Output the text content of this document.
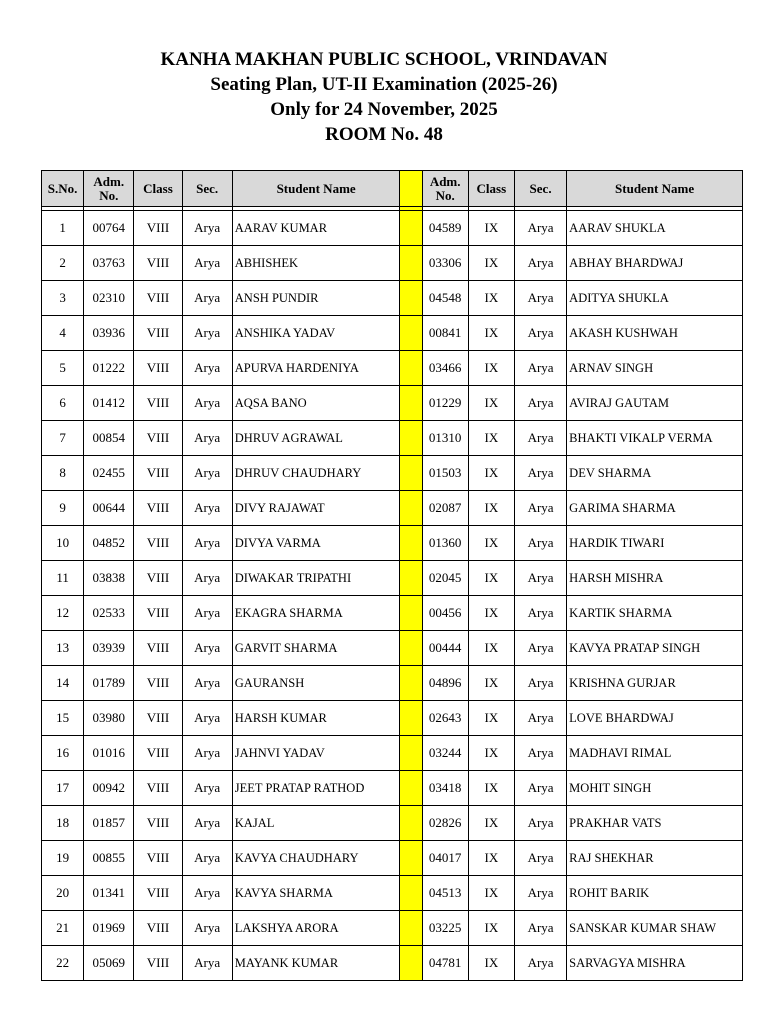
KANHA MAKHAN PUBLIC SCHOOL, VRINDAVAN
Seating Plan, UT-II Examination (2025-26)
Only for 24 November, 2025
ROOM No. 48
S.No.	Adm. No.	Class	Sec.	Student Name		Adm. No.	Class	Sec.	Student Name

1	00764	VIII	Arya	AARAV KUMAR		04589	IX	Arya	AARAV SHUKLA
2	03763	VIII	Arya	ABHISHEK		03306	IX	Arya	ABHAY BHARDWAJ
3	02310	VIII	Arya	ANSH PUNDIR		04548	IX	Arya	ADITYA SHUKLA
4	03936	VIII	Arya	ANSHIKA YADAV		00841	IX	Arya	AKASH KUSHWAH
5	01222	VIII	Arya	APURVA HARDENIYA		03466	IX	Arya	ARNAV SINGH
6	01412	VIII	Arya	AQSA BANO		01229	IX	Arya	AVIRAJ GAUTAM
7	00854	VIII	Arya	DHRUV AGRAWAL		01310	IX	Arya	BHAKTI VIKALP VERMA
8	02455	VIII	Arya	DHRUV CHAUDHARY		01503	IX	Arya	DEV SHARMA
9	00644	VIII	Arya	DIVY RAJAWAT		02087	IX	Arya	GARIMA SHARMA
10	04852	VIII	Arya	DIVYA VARMA		01360	IX	Arya	HARDIK TIWARI
11	03838	VIII	Arya	DIWAKAR TRIPATHI		02045	IX	Arya	HARSH MISHRA
12	02533	VIII	Arya	EKAGRA SHARMA		00456	IX	Arya	KARTIK SHARMA
13	03939	VIII	Arya	GARVIT SHARMA		00444	IX	Arya	KAVYA PRATAP SINGH
14	01789	VIII	Arya	GAURANSH		04896	IX	Arya	KRISHNA GURJAR
15	03980	VIII	Arya	HARSH KUMAR		02643	IX	Arya	LOVE BHARDWAJ
16	01016	VIII	Arya	JAHNVI YADAV		03244	IX	Arya	MADHAVI RIMAL
17	00942	VIII	Arya	JEET PRATAP RATHOD		03418	IX	Arya	MOHIT SINGH
18	01857	VIII	Arya	KAJAL		02826	IX	Arya	PRAKHAR VATS
19	00855	VIII	Arya	KAVYA CHAUDHARY		04017	IX	Arya	RAJ SHEKHAR
20	01341	VIII	Arya	KAVYA SHARMA		04513	IX	Arya	ROHIT BARIK
21	01969	VIII	Arya	LAKSHYA ARORA		03225	IX	Arya	SANSKAR KUMAR SHAW
22	05069	VIII	Arya	MAYANK KUMAR		04781	IX	Arya	SARVAGYA MISHRA
